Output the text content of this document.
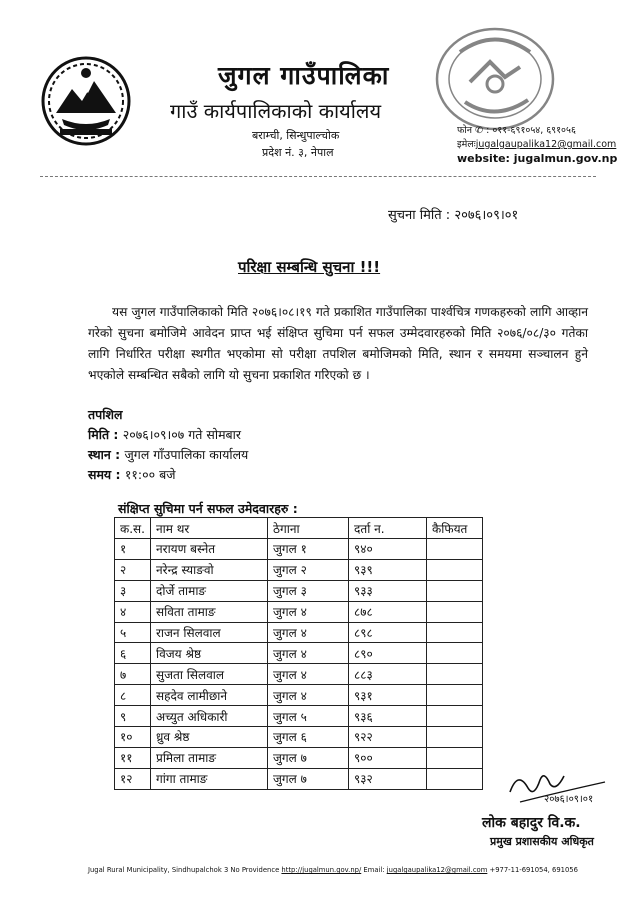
जुगल गाउँपालिका
गाउँ कार्यपालिकाको कार्यालय
बराम्ची, सिन्धुपाल्चोक
प्रदेश नं. ३, नेपाल
फोन ✆ : ०११-६९१०५४, ६९१०५६
इमेलःjugalgaupalika12@gmail.com
website: jugalmun.gov.np
सुचना मिति : २०७६।०९।०१
परिक्षा सम्बन्धि सुचना !!!

यस जुगल गाउँपालिकाको मिति २०७६।०८।१९ गते प्रकाशित गाउँपालिका पार्श्वचित्र गणकहरुको लागि आव्हान गरेको सुचना बमोजिमे आवेदन प्राप्त भई संक्षिप्त सुचिमा पर्न सफल उम्मेदवारहरुको मिति २०७६/०८/३० गतेका लागि निर्धारित परीक्षा स्थगीत भएकोमा सो परीक्षा तपशिल बमोजिमको मिति, स्थान र समयमा सञ्चालन हुने भएकोले सम्बन्धित सबैको लागि यो सुचना प्रकाशित गरिएको छ ।

तपशिल
मिति : २०७६।०९।०७ गते सोमबार
स्थान : जुगल गाँउपालिका कार्यालय
समय : ११:०० बजे
संक्षिप्त सुचिमा पर्न सफल उमेदवारहरु :
क.स.	नाम थर	ठेगाना	दर्ता न.	कैफियत
१	नरायण बस्नेत	जुगल १	९४०	
२	नरेन्द्र स्याङवो	जुगल २	९३९	
३	दोर्जे तामाङ	जुगल ३	९३३	
४	सविता तामाङ	जुगल ४	८७८	
५	राजन सिलवाल	जुगल ४	८९८	
६	विजय श्रेष्ठ	जुगल ४	८९०	
७	सुजता सिलवाल	जुगल ४	८८३	
८	सहदेव लामीछाने	जुगल ४	९३१	
९	अच्युत अधिकारी	जुगल ५	९३६	
१०	ध्रुव श्रेष्ठ	जुगल ६	९२२	
११	प्रमिला तामाङ	जुगल ७	९००	
१२	गांगा तामाङ	जुगल ७	९३२	
२०७६।०९।०१
लोक बहादुर वि.क.
प्रमुख प्रशासकीय अधिकृत
Jugal Rural Municipality, Sindhupalchok 3 No Providence http://jugalmun.gov.np/ Email: jugalgaupalika12@gmail.com +977-11-691054, 691056
